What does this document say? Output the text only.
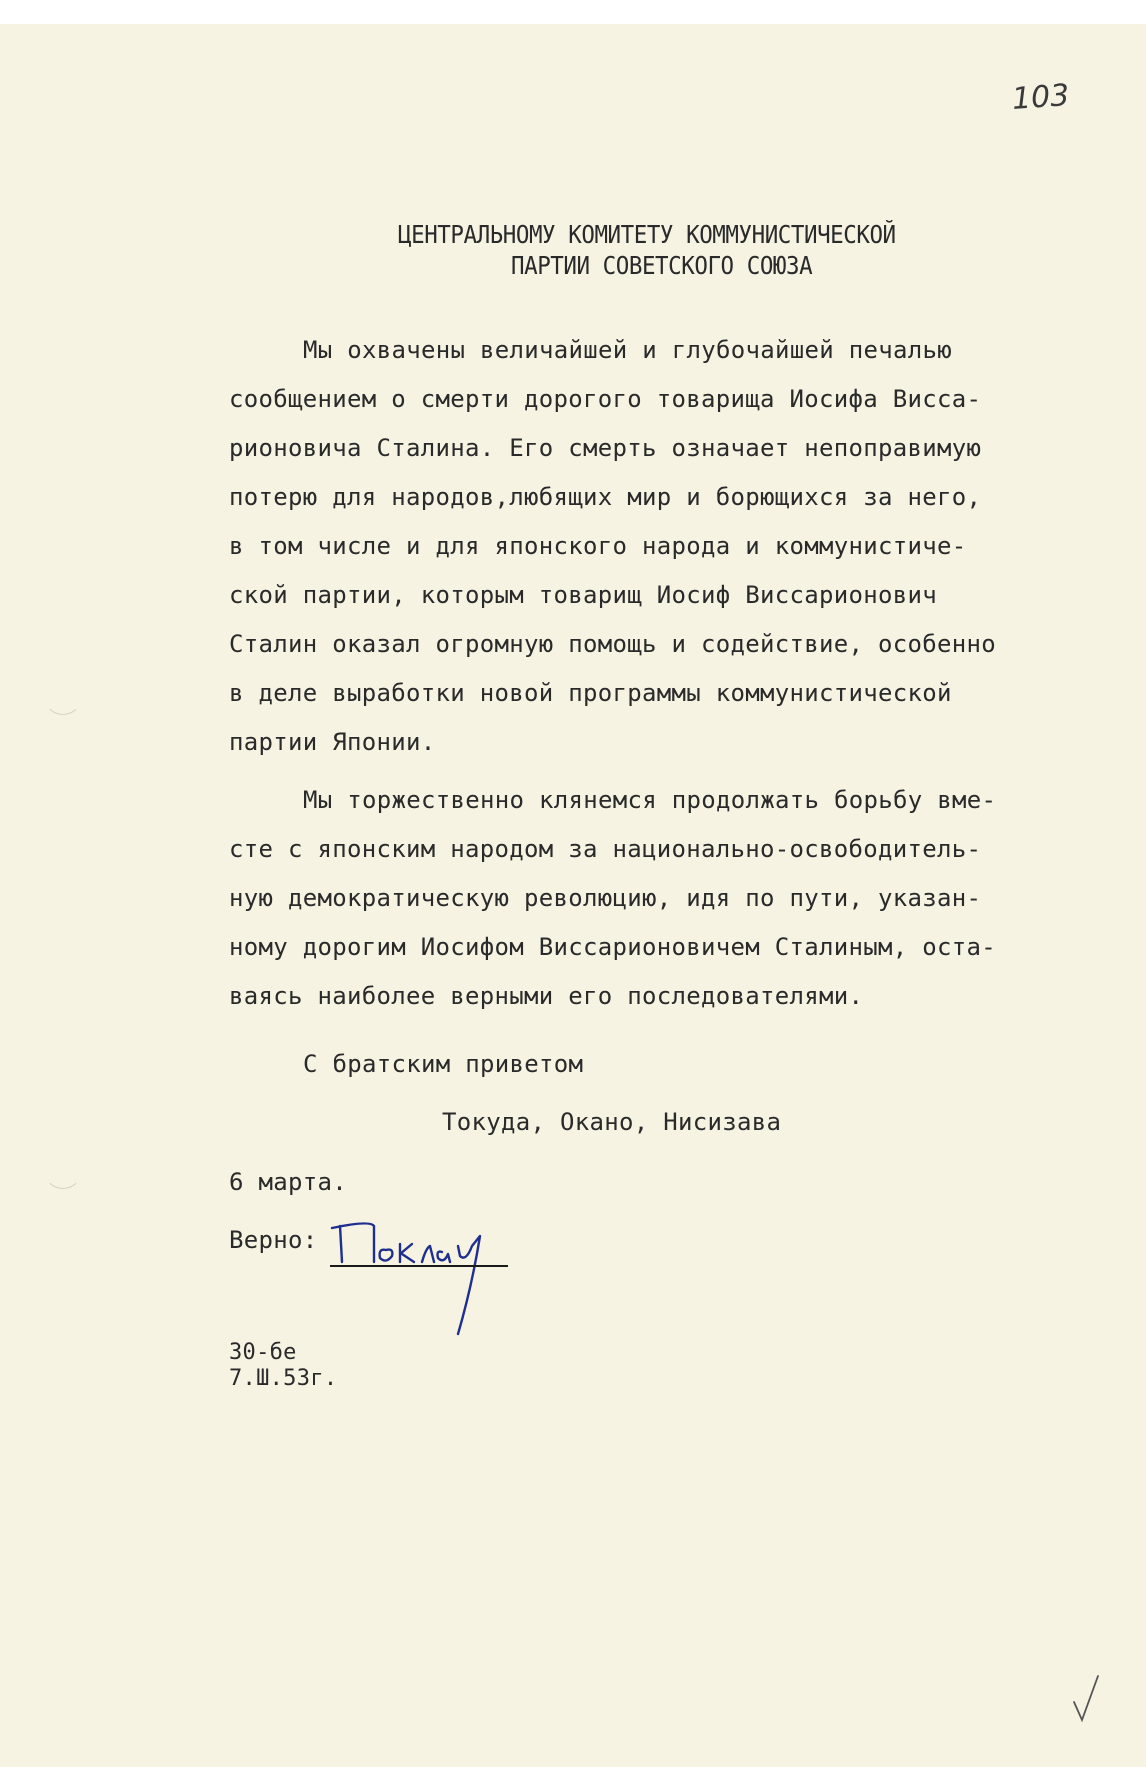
103
ЦЕНТРАЛЬНОМУ КОМИТЕТУ КОММУНИСТИЧЕСКОЙ
ПАРТИИ СОВЕТСКОГО СОЮЗА
Мы охвачены величайшей и глубочайшей печалью
сообщением о смерти дорогого товарища Иосифа Висса-
рионовича Сталина. Его смерть означает непоправимую
потерю для народов,любящих мир и борющихся за него,
в том числе и для японского народа и коммунистиче-
ской партии, которым товарищ Иосиф Виссарионович
Сталин оказал огромную помощь и содействие, особенно
в деле выработки новой программы коммунистической
партии Японии.
Мы торжественно клянемся продолжать борьбу вме-
сте с японским народом за национально-освободитель-
ную демократическую революцию, идя по пути, указан-
ному дорогим Иосифом Виссарионовичем Сталиным, оста-
ваясь наиболее верными его последователями.
С братским приветом
Токуда, Окано, Нисизава
6 марта.
Верно:
30-бе
7.Ш.53г.
